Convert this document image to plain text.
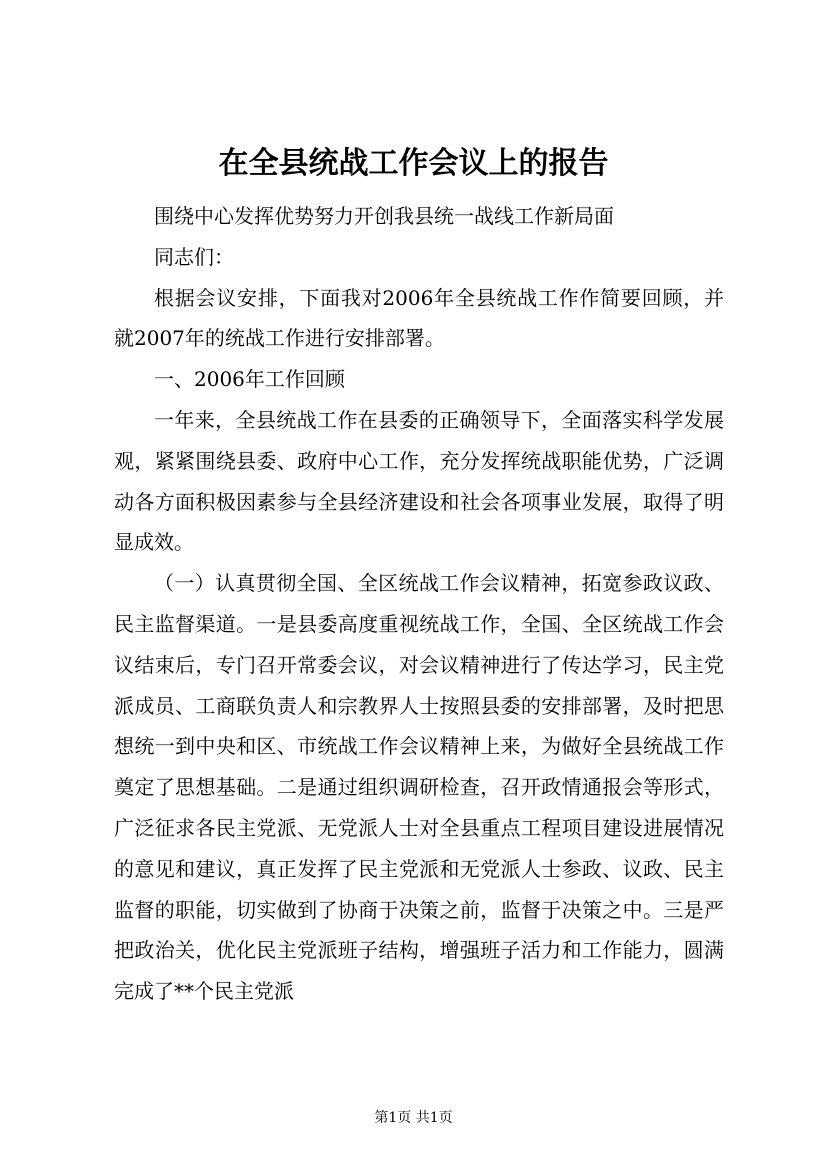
在全县统战工作会议上的报告

围绕中心发挥优势努力开创我县统一战线工作新局面

同志们：

根据会议安排，下面我对2006年全县统战工作作简要回顾，并就2007年的统战工作进行安排部署。

一、2006年工作回顾

一年来，全县统战工作在县委的正确领导下，全面落实科学发展观，紧紧围绕县委、政府中心工作，充分发挥统战职能优势，广泛调动各方面积极因素参与全县经济建设和社会各项事业发展，取得了明显成效。

（一）认真贯彻全国、全区统战工作会议精神，拓宽参政议政、民主监督渠道。一是县委高度重视统战工作，全国、全区统战工作会议结束后，专门召开常委会议，对会议精神进行了传达学习，民主党派成员、工商联负责人和宗教界人士按照县委的安排部署，及时把思想统一到中央和区、市统战工作会议精神上来，为做好全县统战工作奠定了思想基础。二是通过组织调研检查，召开政情通报会等形式，广泛征求各民主党派、无党派人士对全县重点工程项目建设进展情况的意见和建议，真正发挥了民主党派和无党派人士参政、议政、民主监督的职能，切实做到了协商于决策之前，监督于决策之中。三是严把政治关，优化民主党派班子结构，增强班子活力和工作能力，圆满完成了**个民主党派

第1页 共1页
